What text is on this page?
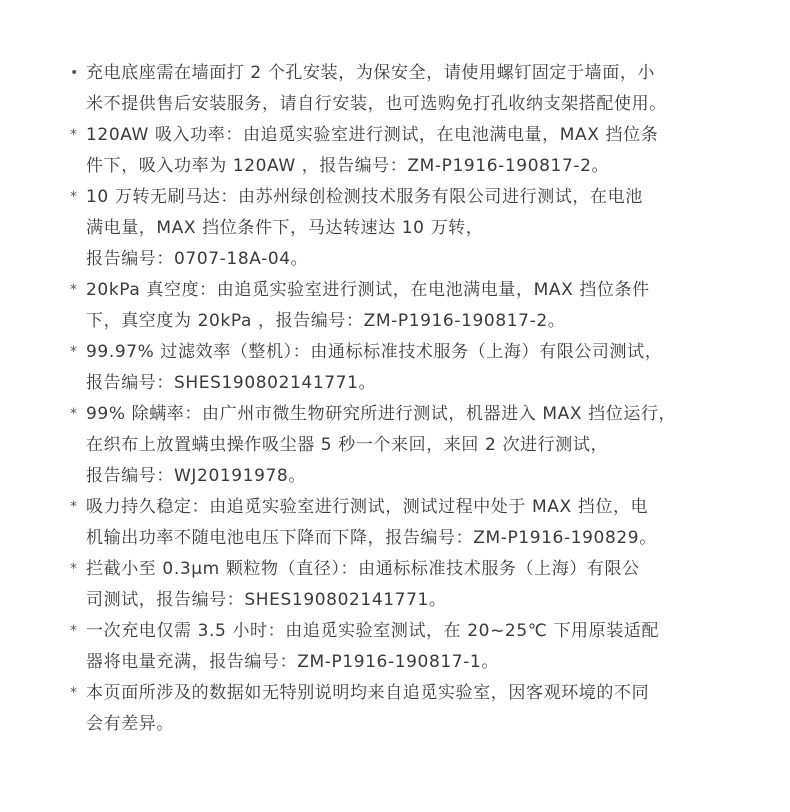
• 充电底座需在墙面打 2 个孔安装，为保安全，请使用螺钉固定于墙面，小
米不提供售后安装服务，请自行安装，也可选购免打孔收纳支架搭配使用。
* 120AW 吸入功率：由追觅实验室进行测试，在电池满电量，MAX 挡位条
件下，吸入功率为 120AW ，报告编号：ZM-P1916-190817-2。
* 10 万转无刷马达：由苏州绿创检测技术服务有限公司进行测试，在电池
满电量，MAX 挡位条件下，马达转速达 10 万转，
报告编号：0707-18A-04。
* 20kPa 真空度：由追觅实验室进行测试，在电池满电量，MAX 挡位条件
下，真空度为 20kPa ，报告编号：ZM-P1916-190817-2。
* 99.97% 过滤效率（整机）：由通标标准技术服务（上海）有限公司测试，
报告编号：SHES190802141771。
* 99% 除螨率：由广州市微生物研究所进行测试，机器进入 MAX 挡位运行，
在织布上放置螨虫操作吸尘器 5 秒一个来回，来回 2 次进行测试，
报告编号：WJ20191978。
* 吸力持久稳定：由追觅实验室进行测试，测试过程中处于 MAX 挡位，电
机输出功率不随电池电压下降而下降，报告编号：ZM-P1916-190829。
* 拦截小至 0.3μm 颗粒物（直径）：由通标标准技术服务（上海）有限公
司测试，报告编号：SHES190802141771。
* 一次充电仅需 3.5 小时：由追觅实验室测试，在 20~25℃ 下用原装适配
器将电量充满，报告编号：ZM-P1916-190817-1。
* 本页面所涉及的数据如无特别说明均来自追觅实验室，因客观环境的不同
会有差异。
